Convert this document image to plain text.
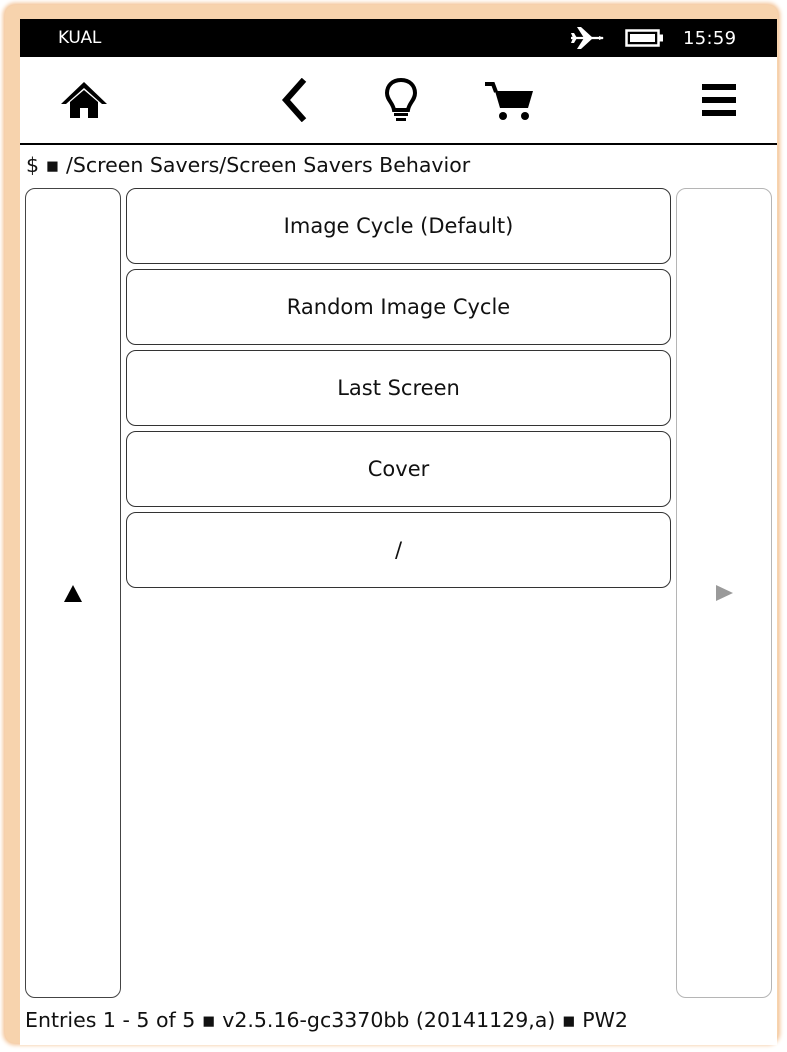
KUAL	15:59
$ ▪ /Screen Savers/Screen Savers Behavior
Image Cycle (Default)
Random Image Cycle
Last Screen
Cover
/
Entries 1 - 5 of 5 ▪ v2.5.16-gc3370bb (20141129,a) ▪ PW2
